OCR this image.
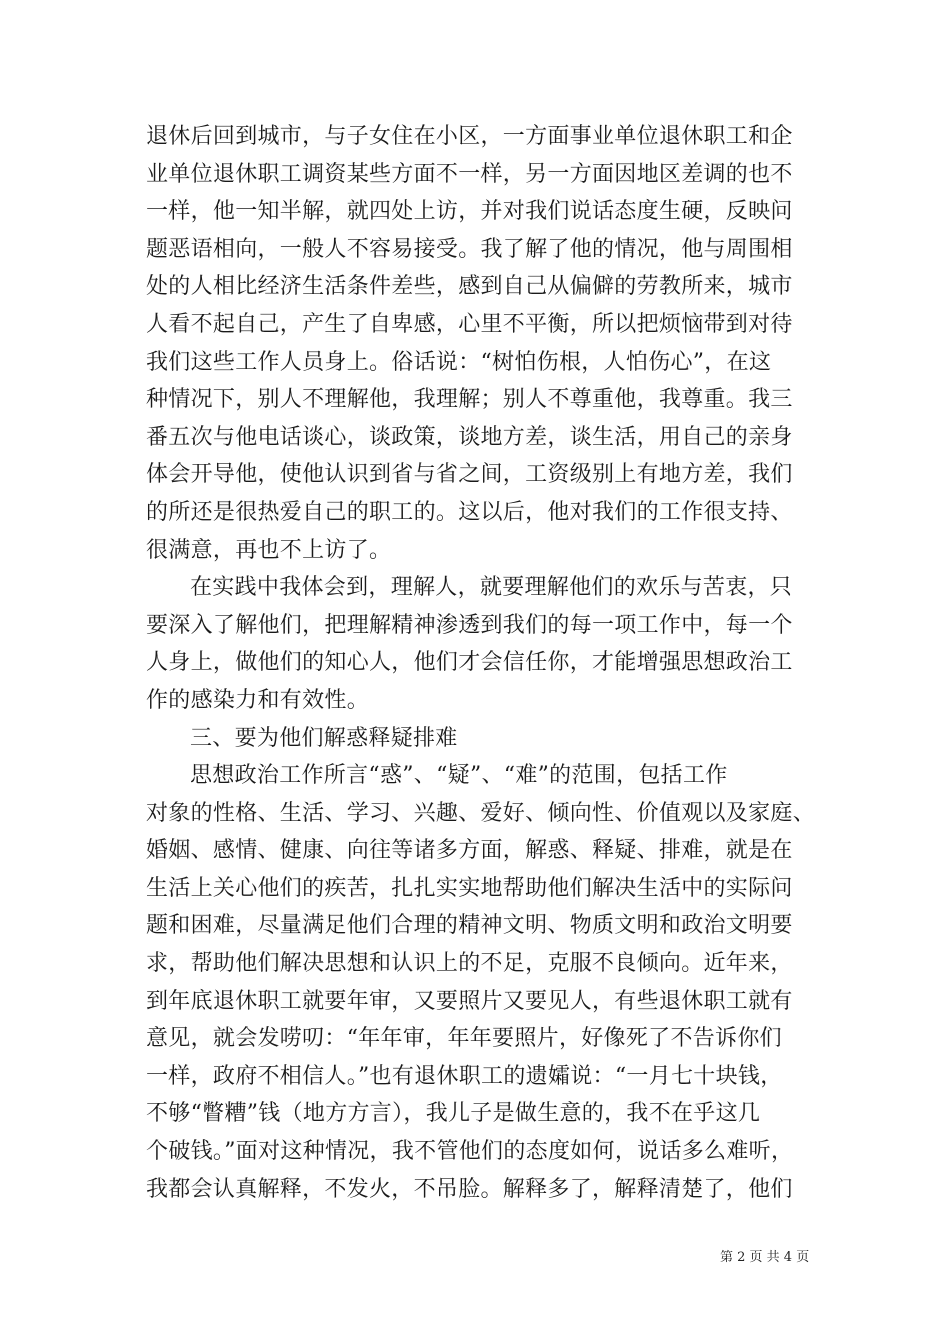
退休后回到城市，与子女住在小区，一方面事业单位退休职工和企
业单位退休职工调资某些方面不一样，另一方面因地区差调的也不
一样，他一知半解，就四处上访，并对我们说话态度生硬，反映问
题恶语相向，一般人不容易接受。我了解了他的情况，他与周围相
处的人相比经济生活条件差些，感到自己从偏僻的劳教所来，城市
人看不起自己，产生了自卑感，心里不平衡，所以把烦恼带到对待
我们这些工作人员身上。俗话说：“树怕伤根，人怕伤心”，在这
种情况下，别人不理解他，我理解；别人不尊重他，我尊重。我三
番五次与他电话谈心，谈政策，谈地方差，谈生活，用自己的亲身
体会开导他，使他认识到省与省之间，工资级别上有地方差，我们
的所还是很热爱自己的职工的。这以后，他对我们的工作很支持、
很满意，再也不上访了。
在实践中我体会到，理解人，就要理解他们的欢乐与苦衷，只
要深入了解他们，把理解精神渗透到我们的每一项工作中，每一个
人身上，做他们的知心人，他们才会信任你，才能增强思想政治工
作的感染力和有效性。
三、要为他们解惑释疑排难
思想政治工作所言“惑”、“疑”、“难”的范围，包括工作
对象的性格、生活、学习、兴趣、爱好、倾向性、价值观以及家庭、
婚姻、感情、健康、向往等诸多方面，解惑、释疑、排难，就是在
生活上关心他们的疾苦，扎扎实实地帮助他们解决生活中的实际问
题和困难，尽量满足他们合理的精神文明、物质文明和政治文明要
求，帮助他们解决思想和认识上的不足，克服不良倾向。近年来，
到年底退休职工就要年审，又要照片又要见人，有些退休职工就有
意见，就会发唠叨：“年年审，年年要照片，好像死了不告诉你们
一样，政府不相信人。”也有退休职工的遗孀说：“一月七十块钱，
不够“瞥糟”钱（地方方言），我儿子是做生意的，我不在乎这几
个破钱。”面对这种情况，我不管他们的态度如何，说话多么难听，
我都会认真解释，不发火，不吊脸。解释多了，解释清楚了，他们
第 2 页 共 4 页
